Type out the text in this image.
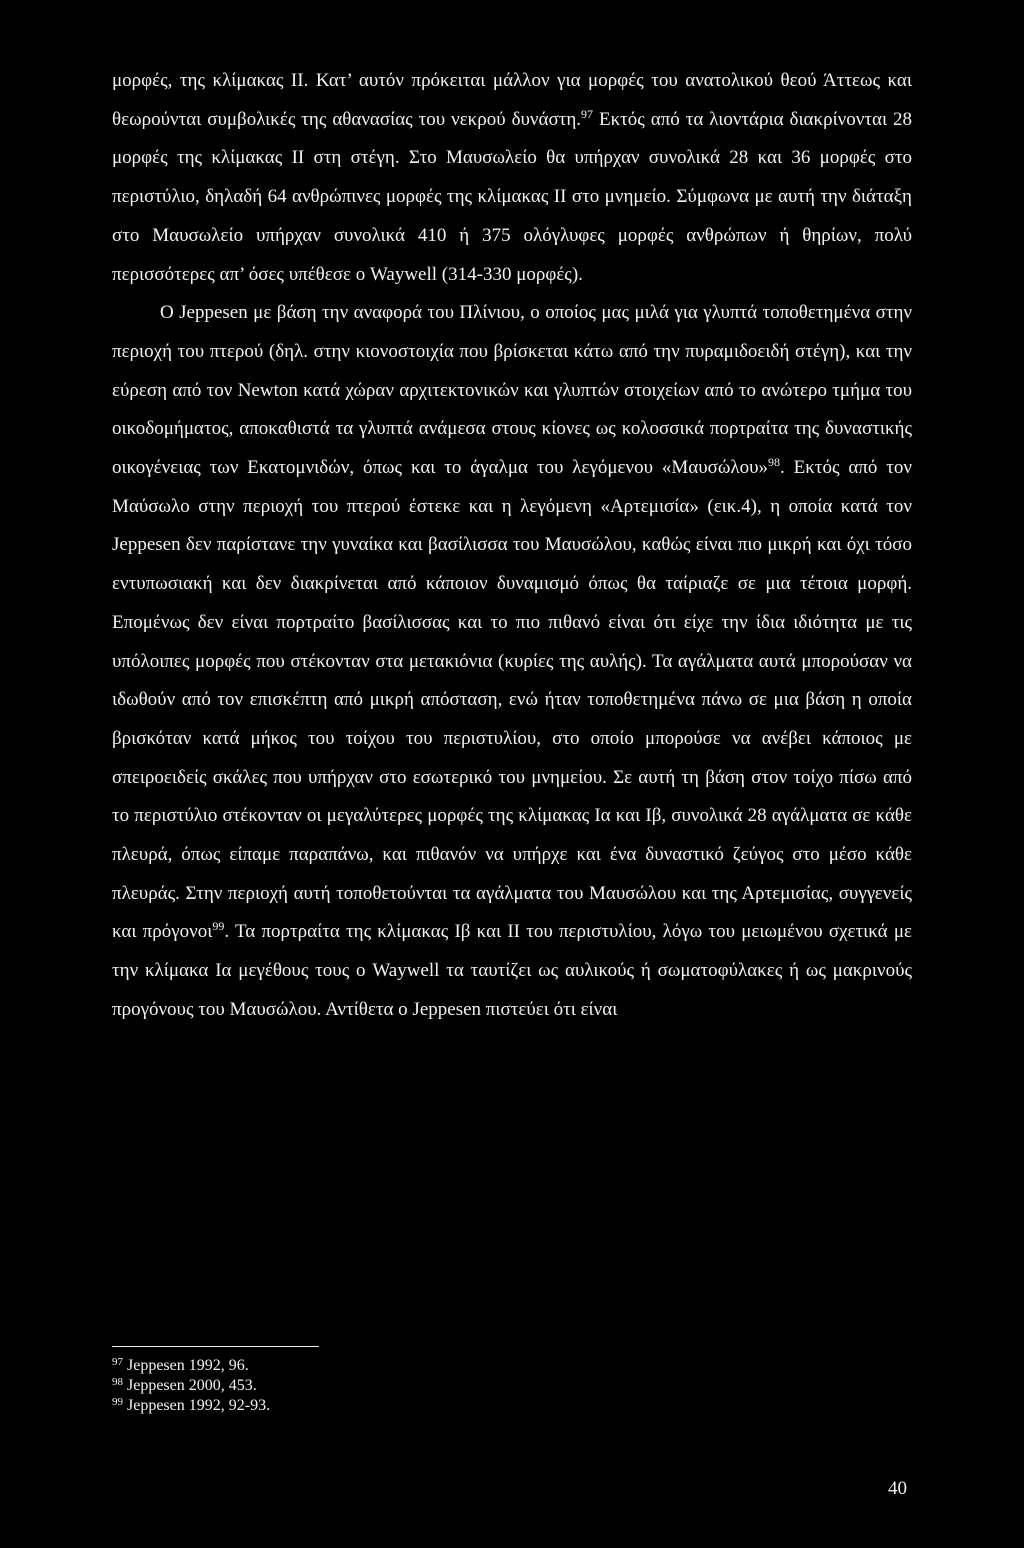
μορφές, της κλίμακας ΙΙ. Κατ’ αυτόν πρόκειται μάλλον για μορφές του ανατολικού θεού Άττεως και θεωρούνται συμβολικές της αθανασίας του νεκρού δυνάστη.$^{97}$ Εκτός από τα λιοντάρια διακρίνονται 28 μορφές της κλίμακας ΙΙ στη στέγη. Στο Μαυσωλείο θα υπήρχαν συνολικά 28 και 36 μορφές στο περιστύλιο, δηλαδή 64 ανθρώπινες μορφές της κλίμακας ΙΙ στο μνημείο. Σύμφωνα με αυτή την διάταξη στο Μαυσωλείο υπήρχαν συνολικά 410 ή 375 ολόγλυφες μορφές ανθρώπων ή θηρίων, πολύ περισσότερες απ’ όσες υπέθεσε ο Waywell (314-330 μορφές).

Ο Jeppesen με βάση την αναφορά του Πλίνιου, ο οποίος μας μιλά για γλυπτά τοποθετημένα στην περιοχή του πτερού (δηλ. στην κιονοστοιχία που βρίσκεται κάτω από την πυραμιδοειδή στέγη), και την εύρεση από τον Newton κατά χώραν αρχιτεκτονικών και γλυπτών στοιχείων από το ανώτερο τμήμα του οικοδομήματος, αποκαθιστά τα γλυπτά ανάμεσα στους κίονες ως κολοσσικά πορτραίτα της δυναστικής οικογένειας των Εκατομνιδών, όπως και το άγαλμα του λεγόμενου «Μαυσώλου»$^{98}$. Εκτός από τον Μαύσωλο στην περιοχή του πτερού έστεκε και η λεγόμενη «Αρτεμισία» (εικ.4), η οποία κατά τον Jeppesen δεν παρίστανε την γυναίκα και βασίλισσα του Μαυσώλου, καθώς είναι πιο μικρή και όχι τόσο εντυπωσιακή και δεν διακρίνεται από κάποιον δυναμισμό όπως θα ταίριαζε σε μια τέτοια μορφή. Επομένως δεν είναι πορτραίτο βασίλισσας και το πιο πιθανό είναι ότι είχε την ίδια ιδιότητα με τις υπόλοιπες μορφές που στέκονταν στα μετακιόνια (κυρίες της αυλής). Τα αγάλματα αυτά μπορούσαν να ιδωθούν από τον επισκέπτη από μικρή απόσταση, ενώ ήταν τοποθετημένα πάνω σε μια βάση η οποία βρισκόταν κατά μήκος του τοίχου του περιστυλίου, στο οποίο μπορούσε να ανέβει κάποιος με σπειροειδείς σκάλες που υπήρχαν στο εσωτερικό του μνημείου. Σε αυτή τη βάση στον τοίχο πίσω από το περιστύλιο στέκονταν οι μεγαλύτερες μορφές της κλίμακας Ια και Ιβ, συνολικά 28 αγάλματα σε κάθε πλευρά, όπως είπαμε παραπάνω, και πιθανόν να υπήρχε και ένα δυναστικό ζεύγος στο μέσο κάθε πλευράς. Στην περιοχή αυτή τοποθετούνται τα αγάλματα του Μαυσώλου και της Αρτεμισίας, συγγενείς και πρόγονοι$^{99}$. Τα πορτραίτα της κλίμακας Ιβ και ΙΙ του περιστυλίου, λόγω του μειωμένου σχετικά με την κλίμακα Ια μεγέθους τους ο Waywell τα ταυτίζει ως αυλικούς ή σωματοφύλακες ή ως μακρινούς προγόνους του Μαυσώλου. Αντίθετα ο Jeppesen πιστεύει ότι είναι

$^{97}$ Jeppesen 1992, 96.
$^{98}$ Jeppesen 2000, 453.
$^{99}$ Jeppesen 1992, 92-93.
40
